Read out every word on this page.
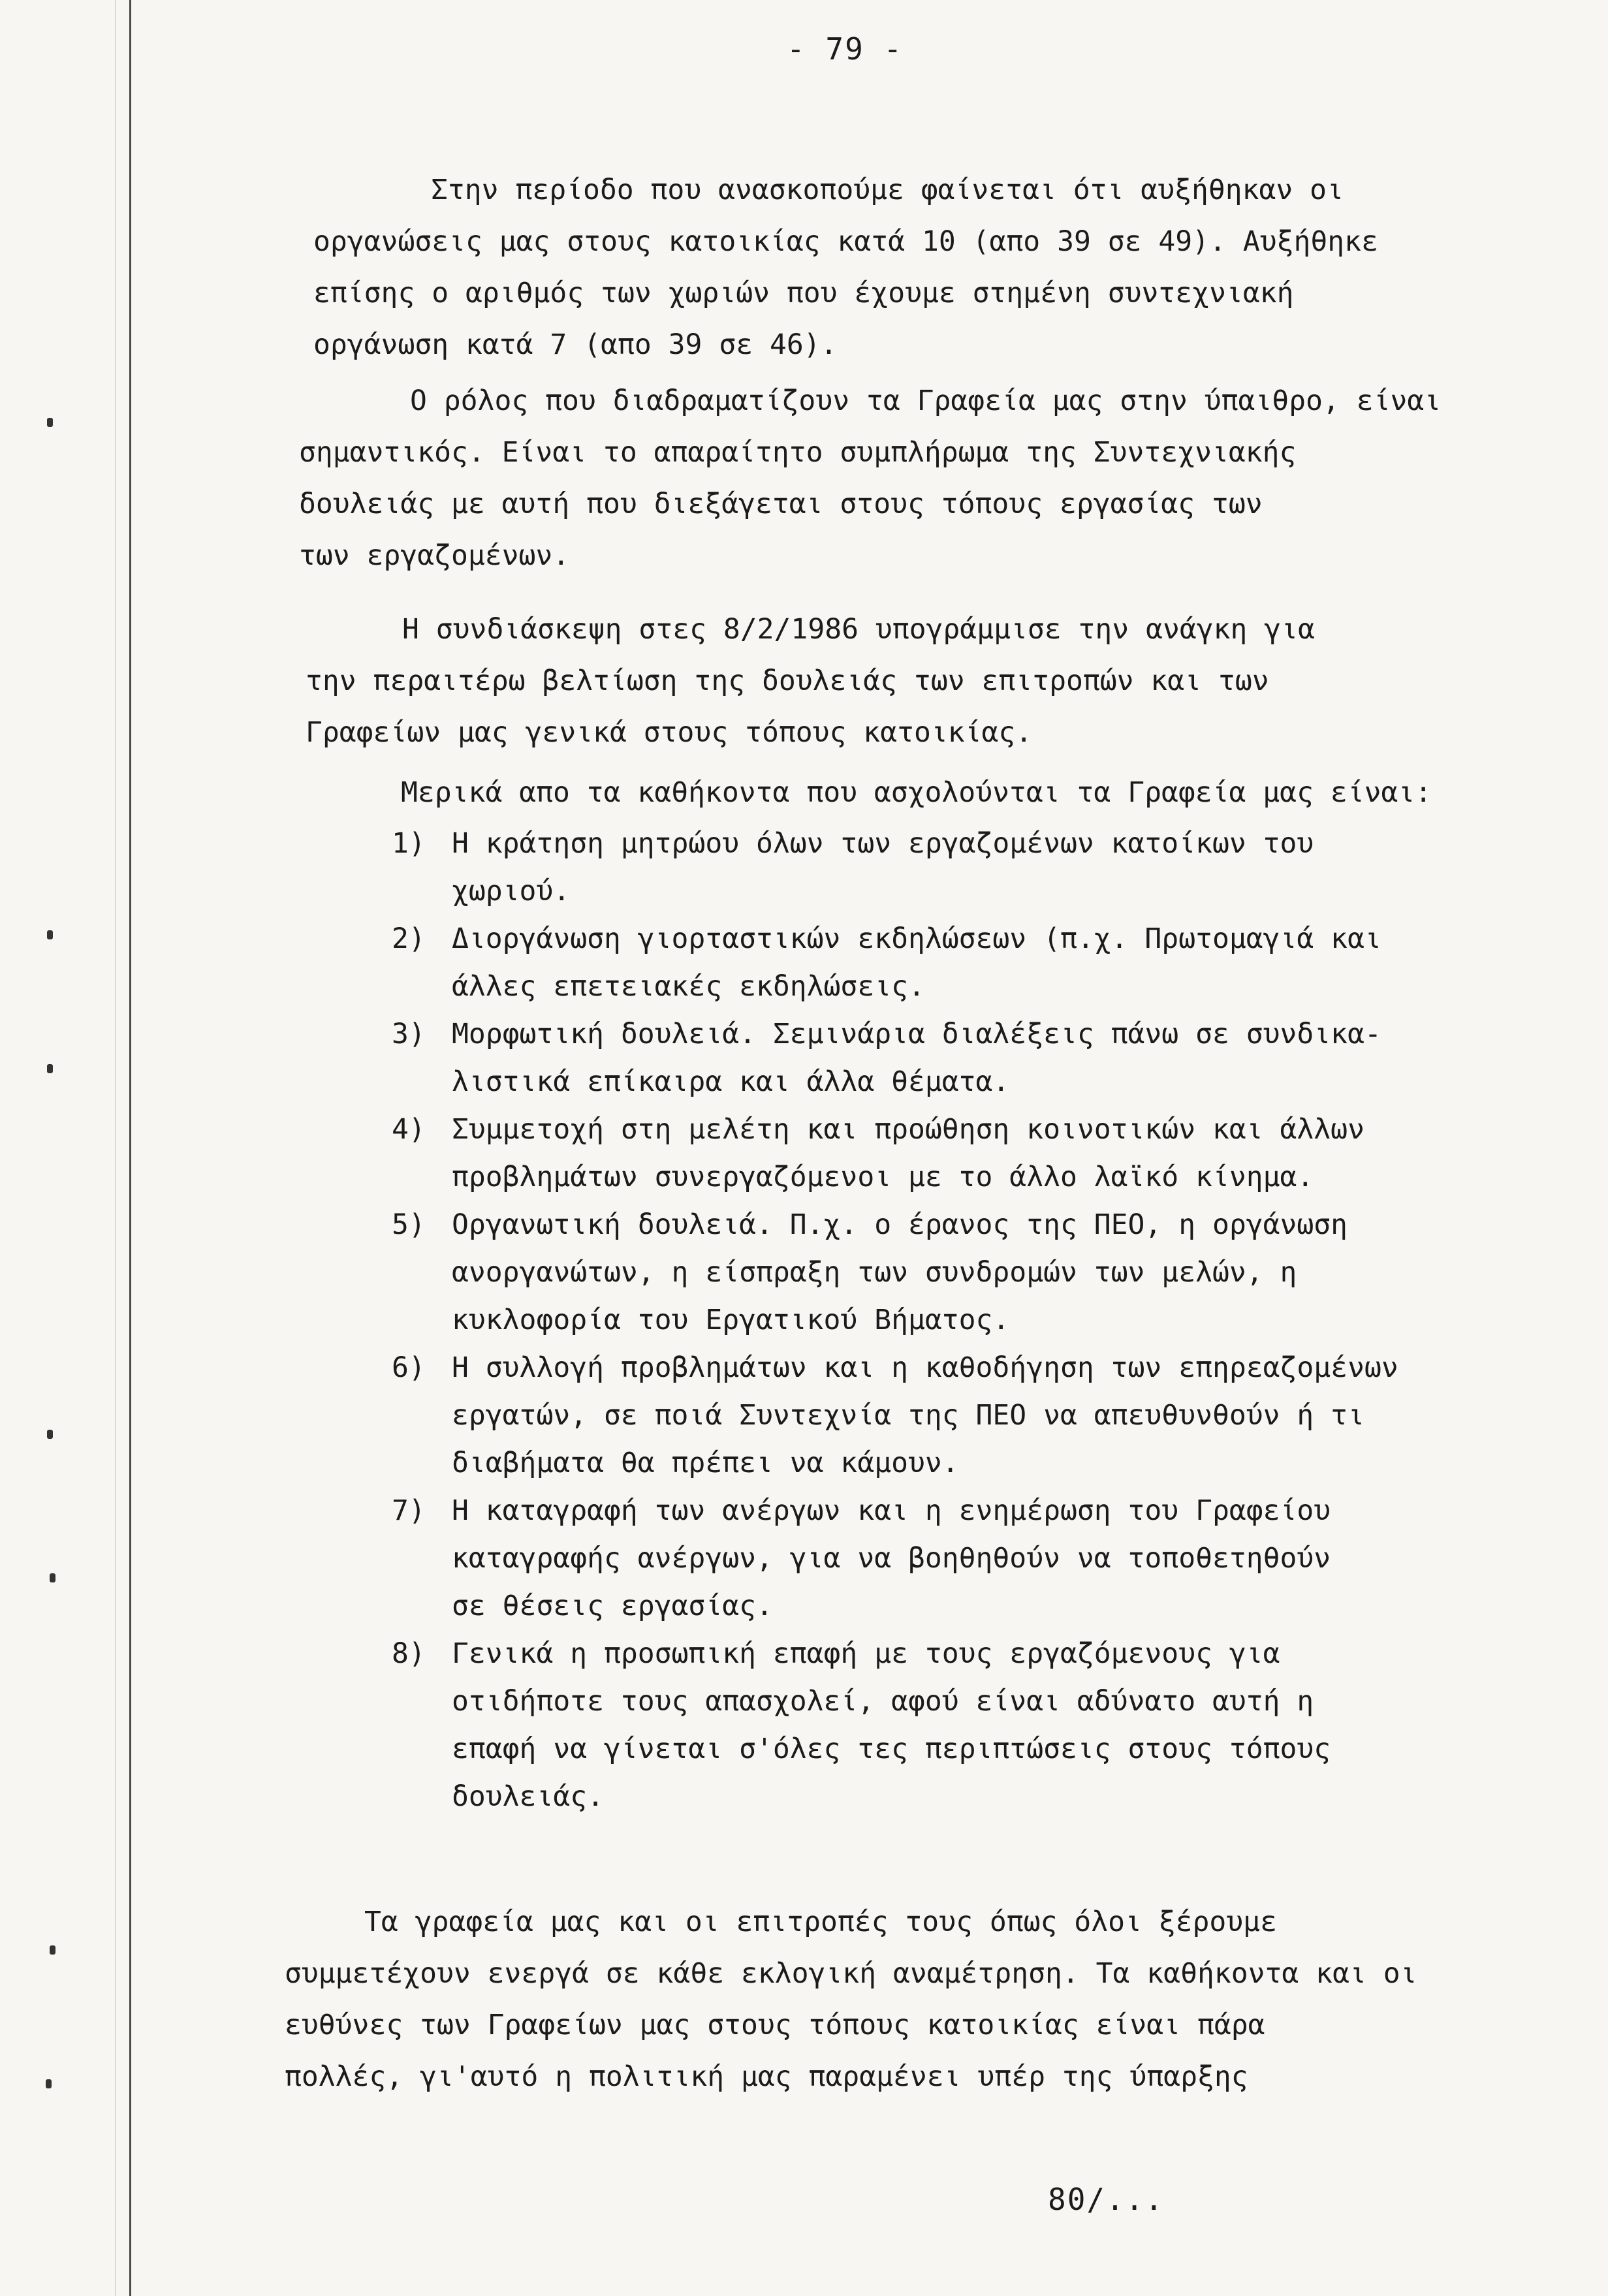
- 79 -
Στην περίοδο που ανασκοπούμε φαίνεται ότι αυξήθηκαν οι
οργανώσεις μας στους κατοικίας κατά 10 (απο 39 σε 49). Αυξήθηκε
επίσης ο αριθμός των χωριών που έχουμε στημένη συντεχνιακή
οργάνωση κατά 7 (απο 39 σε 46).
Ο ρόλος που διαδραματίζουν τα Γραφεία μας στην ύπαιθρο, είναι
σημαντικός. Είναι το απαραίτητο συμπλήρωμα της Συντεχνιακής
δουλειάς με αυτή που διεξάγεται στους τόπους εργασίας των
των εργαζομένων.
Η συνδιάσκεψη στες 8/2/1986 υπογράμμισε την ανάγκη για
την περαιτέρω βελτίωση της δουλειάς των επιτροπών και των
Γραφείων μας γενικά στους τόπους κατοικίας.
Μερικά απο τα καθήκοντα που ασχολούνται τα Γραφεία μας είναι:
1) Η κράτηση μητρώου όλων των εργαζομένων κατοίκων του
χωριού.
2) Διοργάνωση γιορταστικών εκδηλώσεων (π.χ. Πρωτομαγιά και
άλλες επετειακές εκδηλώσεις.
3) Μορφωτική δουλειά. Σεμινάρια διαλέξεις πάνω σε συνδικα-
λιστικά επίκαιρα και άλλα θέματα.
4) Συμμετοχή στη μελέτη και προώθηση κοινοτικών και άλλων
προβλημάτων συνεργαζόμενοι με το άλλο λαϊκό κίνημα.
5) Οργανωτική δουλειά. Π.χ. ο έρανος της ΠΕΟ, η οργάνωση
ανοργανώτων, η είσπραξη των συνδρομών των μελών, η
κυκλοφορία του Εργατικού Βήματος.
6) Η συλλογή προβλημάτων και η καθοδήγηση των επηρεαζομένων
εργατών, σε ποιά Συντεχνία της ΠΕΟ να απευθυνθούν ή τι
διαβήματα θα πρέπει να κάμουν.
7) Η καταγραφή των ανέργων και η ενημέρωση του Γραφείου
καταγραφής ανέργων, για να βοηθηθούν να τοποθετηθούν
σε θέσεις εργασίας.
8) Γενικά η προσωπική επαφή με τους εργαζόμενους για
οτιδήποτε τους απασχολεί, αφού είναι αδύνατο αυτή η
επαφή να γίνεται σ'όλες τες περιπτώσεις στους τόπους
δουλειάς.
Τα γραφεία μας και οι επιτροπές τους όπως όλοι ξέρουμε
συμμετέχουν ενεργά σε κάθε εκλογική αναμέτρηση. Τα καθήκοντα και οι
ευθύνες των Γραφείων μας στους τόπους κατοικίας είναι πάρα
πολλές, γι'αυτό η πολιτική μας παραμένει υπέρ της ύπαρξης
80/...
